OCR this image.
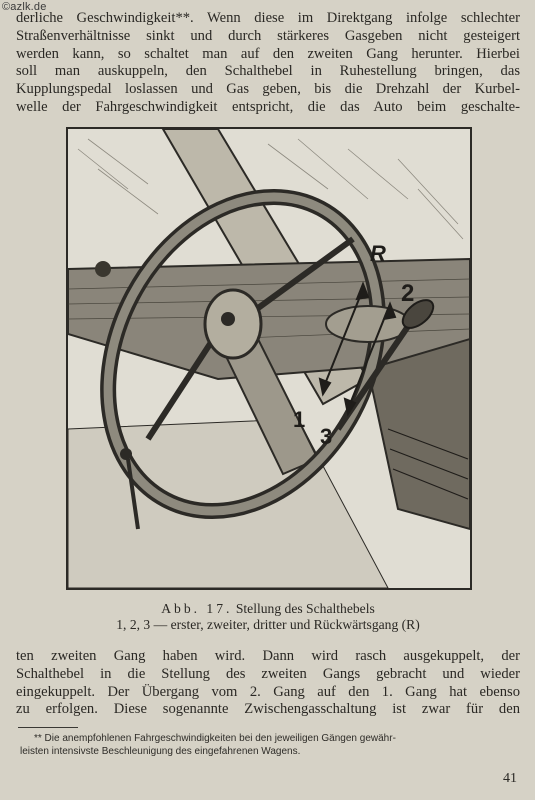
©azlk.de
derliche Geschwindigkeit**. Wenn diese im Direktgang infolge schlechter
Straßenverhältnisse sinkt und durch stärkeres Gasgeben nicht gesteigert
werden kann, so schaltet man auf den zweiten Gang herunter. Hierbei
soll man auskuppeln, den Schalthebel in Ruhestellung bringen, das
Kupplungspedal loslassen und Gas geben, bis die Drehzahl der Kurbel-
welle der Fahrgeschwindigkeit entspricht, die das Auto beim geschalte-
R
2
1
3
Abb. 17. Stellung des Schalthebels
1, 2, 3 — erster, zweiter, dritter und Rückwärtsgang (R)
ten zweiten Gang haben wird. Dann wird rasch ausgekuppelt, der
Schalthebel in die Stellung des zweiten Gangs gebracht und wieder
eingekuppelt. Der Übergang vom 2. Gang auf den 1. Gang hat ebenso
zu erfolgen. Diese sogenannte Zwischengasschaltung ist zwar für den
** Die anempfohlenen Fahrgeschwindigkeiten bei den jeweiligen Gängen gewähr-
leisten intensivste Beschleunigung des eingefahrenen Wagens.
41
